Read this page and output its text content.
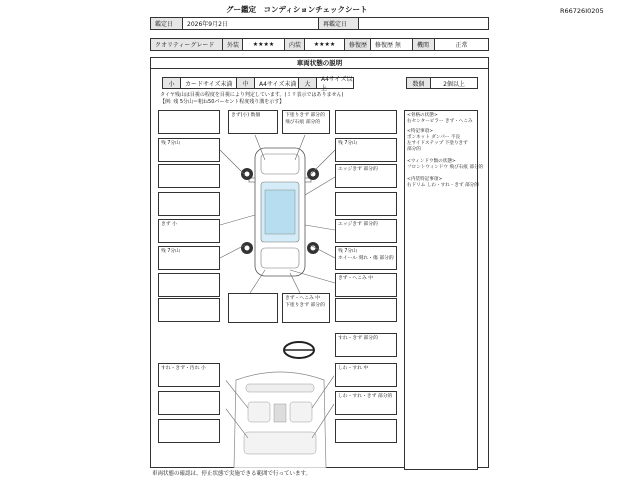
グー鑑定　コンディションチェックシート	R66726I0205
鑑定日	2026年9月2日	再鑑定日
クオリティーグレード	外装	★★★★	内装	★★★★	修復歴	修復歴 無	機関	正常
車両状態の説明
小	カードサイズ未満	中	A4サイズ未満	大
A4サイズ以上
数個	2個以上
タイヤ残山は目視の程度を目視により判定しています。(ミリ表示ではありません)
【例: 残 5分山＝粗ね50パーセント程度残り溝を示す】
<骨格の状態>
右センターピラー きず・へこみ
<特記事項>
ボンネット ダンパー 不良
左サイドステップ 下塗りきず
部分的
<ウィンドウ類の状態>
フロントウィンドウ 飛び石痕 部分的
<内装特記事項>
右ドリム しわ・すれ・きず 部分的
残 7分山
きず 小
残 7分山
きず(小) 数個	下塗りきず 部分的
飛び石痕 部分的
残 7分山
エッジきず 部分的
エッジきず 部分的
残 7分山
ホイール 刻れ・傷 部分的
きず・へこみ 中
きず・へこみ 中
下塗りきず 部分的
すれ・きず 部分的
すれ・きず・汚れ 小	しわ・すれ 中
しわ・すれ・きず 部分的
車両状態の確認は、停止状態で実施できる範囲で行っています。
